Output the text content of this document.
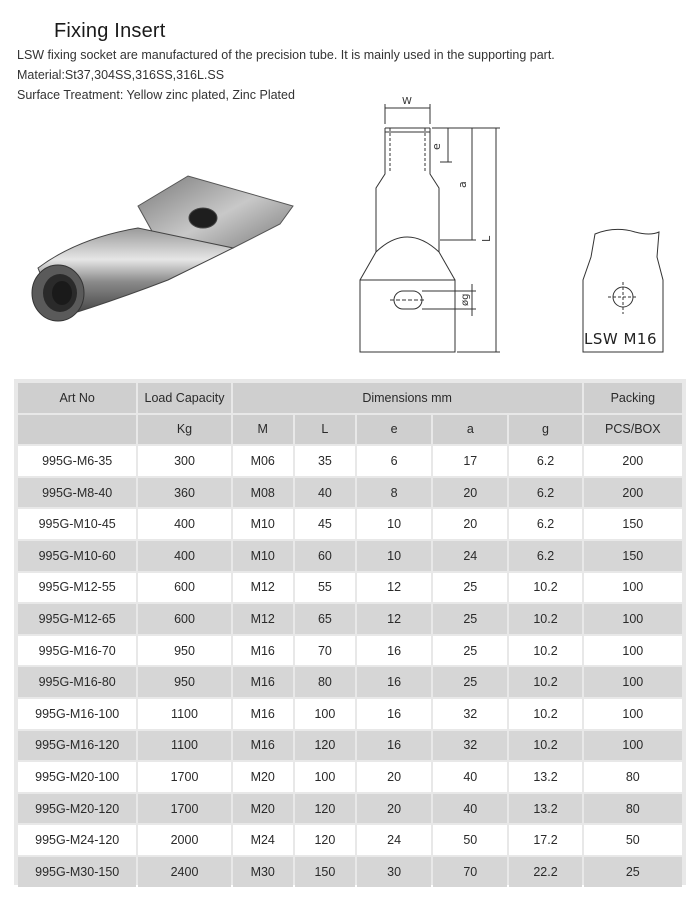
Fixing Insert
LSW fixing socket are manufactured of the precision tube. It is mainly used in the supporting part.
Material:St37,304SS,316SS,316L.SS
Surface Treatment: Yellow zinc plated, Zinc Plated	W
e
a
L
øg
LSW M16
Art No	Load Capacity	Dimensions mm					Packing
	Kg	M	L	e	a	g	PCS/BOX
995G-M6-35	300	M06	35	6	17	6.2	200
995G-M8-40	360	M08	40	8	20	6.2	200
995G-M10-45	400	M10	45	10	20	6.2	150
995G-M10-60	400	M10	60	10	24	6.2	150
995G-M12-55	600	M12	55	12	25	10.2	100
995G-M12-65	600	M12	65	12	25	10.2	100
995G-M16-70	950	M16	70	16	25	10.2	100
995G-M16-80	950	M16	80	16	25	10.2	100
995G-M16-100	1100	M16	100	16	32	10.2	100
995G-M16-120	1100	M16	120	16	32	10.2	100
995G-M20-100	1700	M20	100	20	40	13.2	80
995G-M20-120	1700	M20	120	20	40	13.2	80
995G-M24-120	2000	M24	120	24	50	17.2	50
995G-M30-150	2400	M30	150	30	70	22.2	25
